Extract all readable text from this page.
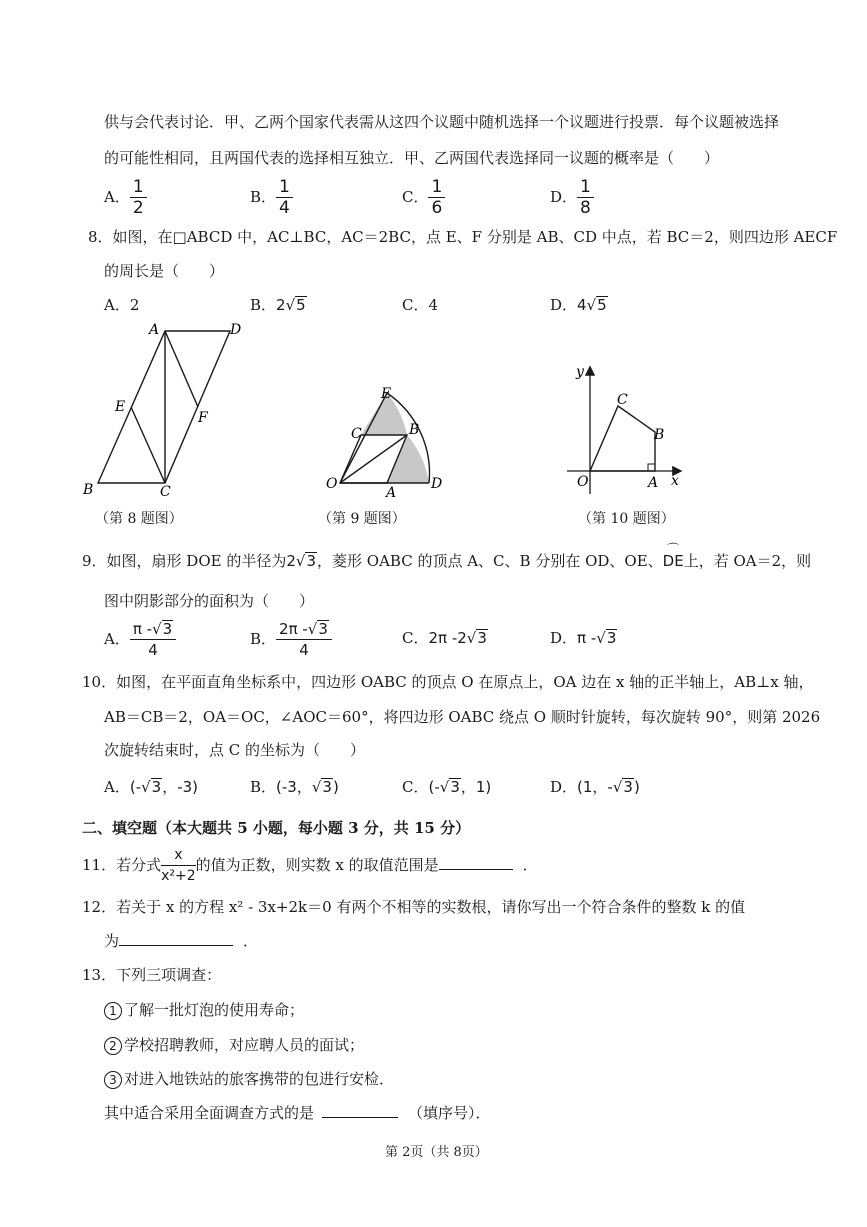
供与会代表讨论．甲、乙两个国家代表需从这四个议题中随机选择一个议题进行投票．每个议题被选择
的可能性相同，且两国代表的选择相互独立．甲、乙两国代表选择同一议题的概率是（　　）
A． $\frac{1}{2}$	B． $\frac{1}{4}$	C． $\frac{1}{6}$	D． $\frac{1}{8}$
8．如图，在□ABCD 中，AC⊥BC，AC＝2BC，点 E、F 分别是 AB、CD 中点，若 BC＝2，则四边形 AECF
的周长是（　　）
A．2	B．2√5	C．4	D．4√5
A	D
E
F
B	C
（第 8 题图）
E
C	B
O
A
D
（第 9 题图）
y
C
B
O	A x
（第 10 题图）
9．如图，扇形 DOE 的半径为2√3，菱形 OABC 的顶点 A、C、B 分别在 OD、OE、
⌒
DE上，若 OA＝2，则
图中阴影部分的面积为（　　）
A． $\frac{\pi -√3}{4}$	B． $\frac{2\pi -√3}{4}$	C．2π -2√3	D．π -√3
10．如图，在平面直角坐标系中，四边形 OABC 的顶点 O 在原点上，OA 边在 x 轴的正半轴上，AB⊥x 轴，
AB＝CB＝2，OA＝OC，∠AOC＝60°，将四边形 OABC 绕点 O 顺时针旋转，每次旋转 90°，则第 2026
次旋转结束时，点 C 的坐标为（　　）
A．(-√3，-3)	B．(-3，√3)	C．(-√3，1)	D．(1，-√3)
二、填空题（本大题共 5 小题，每小题 3 分，共 15 分）
11．若分式 $\frac{x}{\text{x²+2}}$ 的值为正数，则实数 x 的取值范围是	．
12．若关于 x 的方程 x² - 3x+2k＝0 有两个不相等的实数根，请你写出一个符合条件的整数 k 的值
为	．
13．下列三项调查：
1 了解一批灯泡的使用寿命；
2 学校招聘教师，对应聘人员的面试；
3 对进入地铁站的旅客携带的包进行安检．
其中适合采用全面调查方式的是	（填序号）．
第 2页（共 8页）
